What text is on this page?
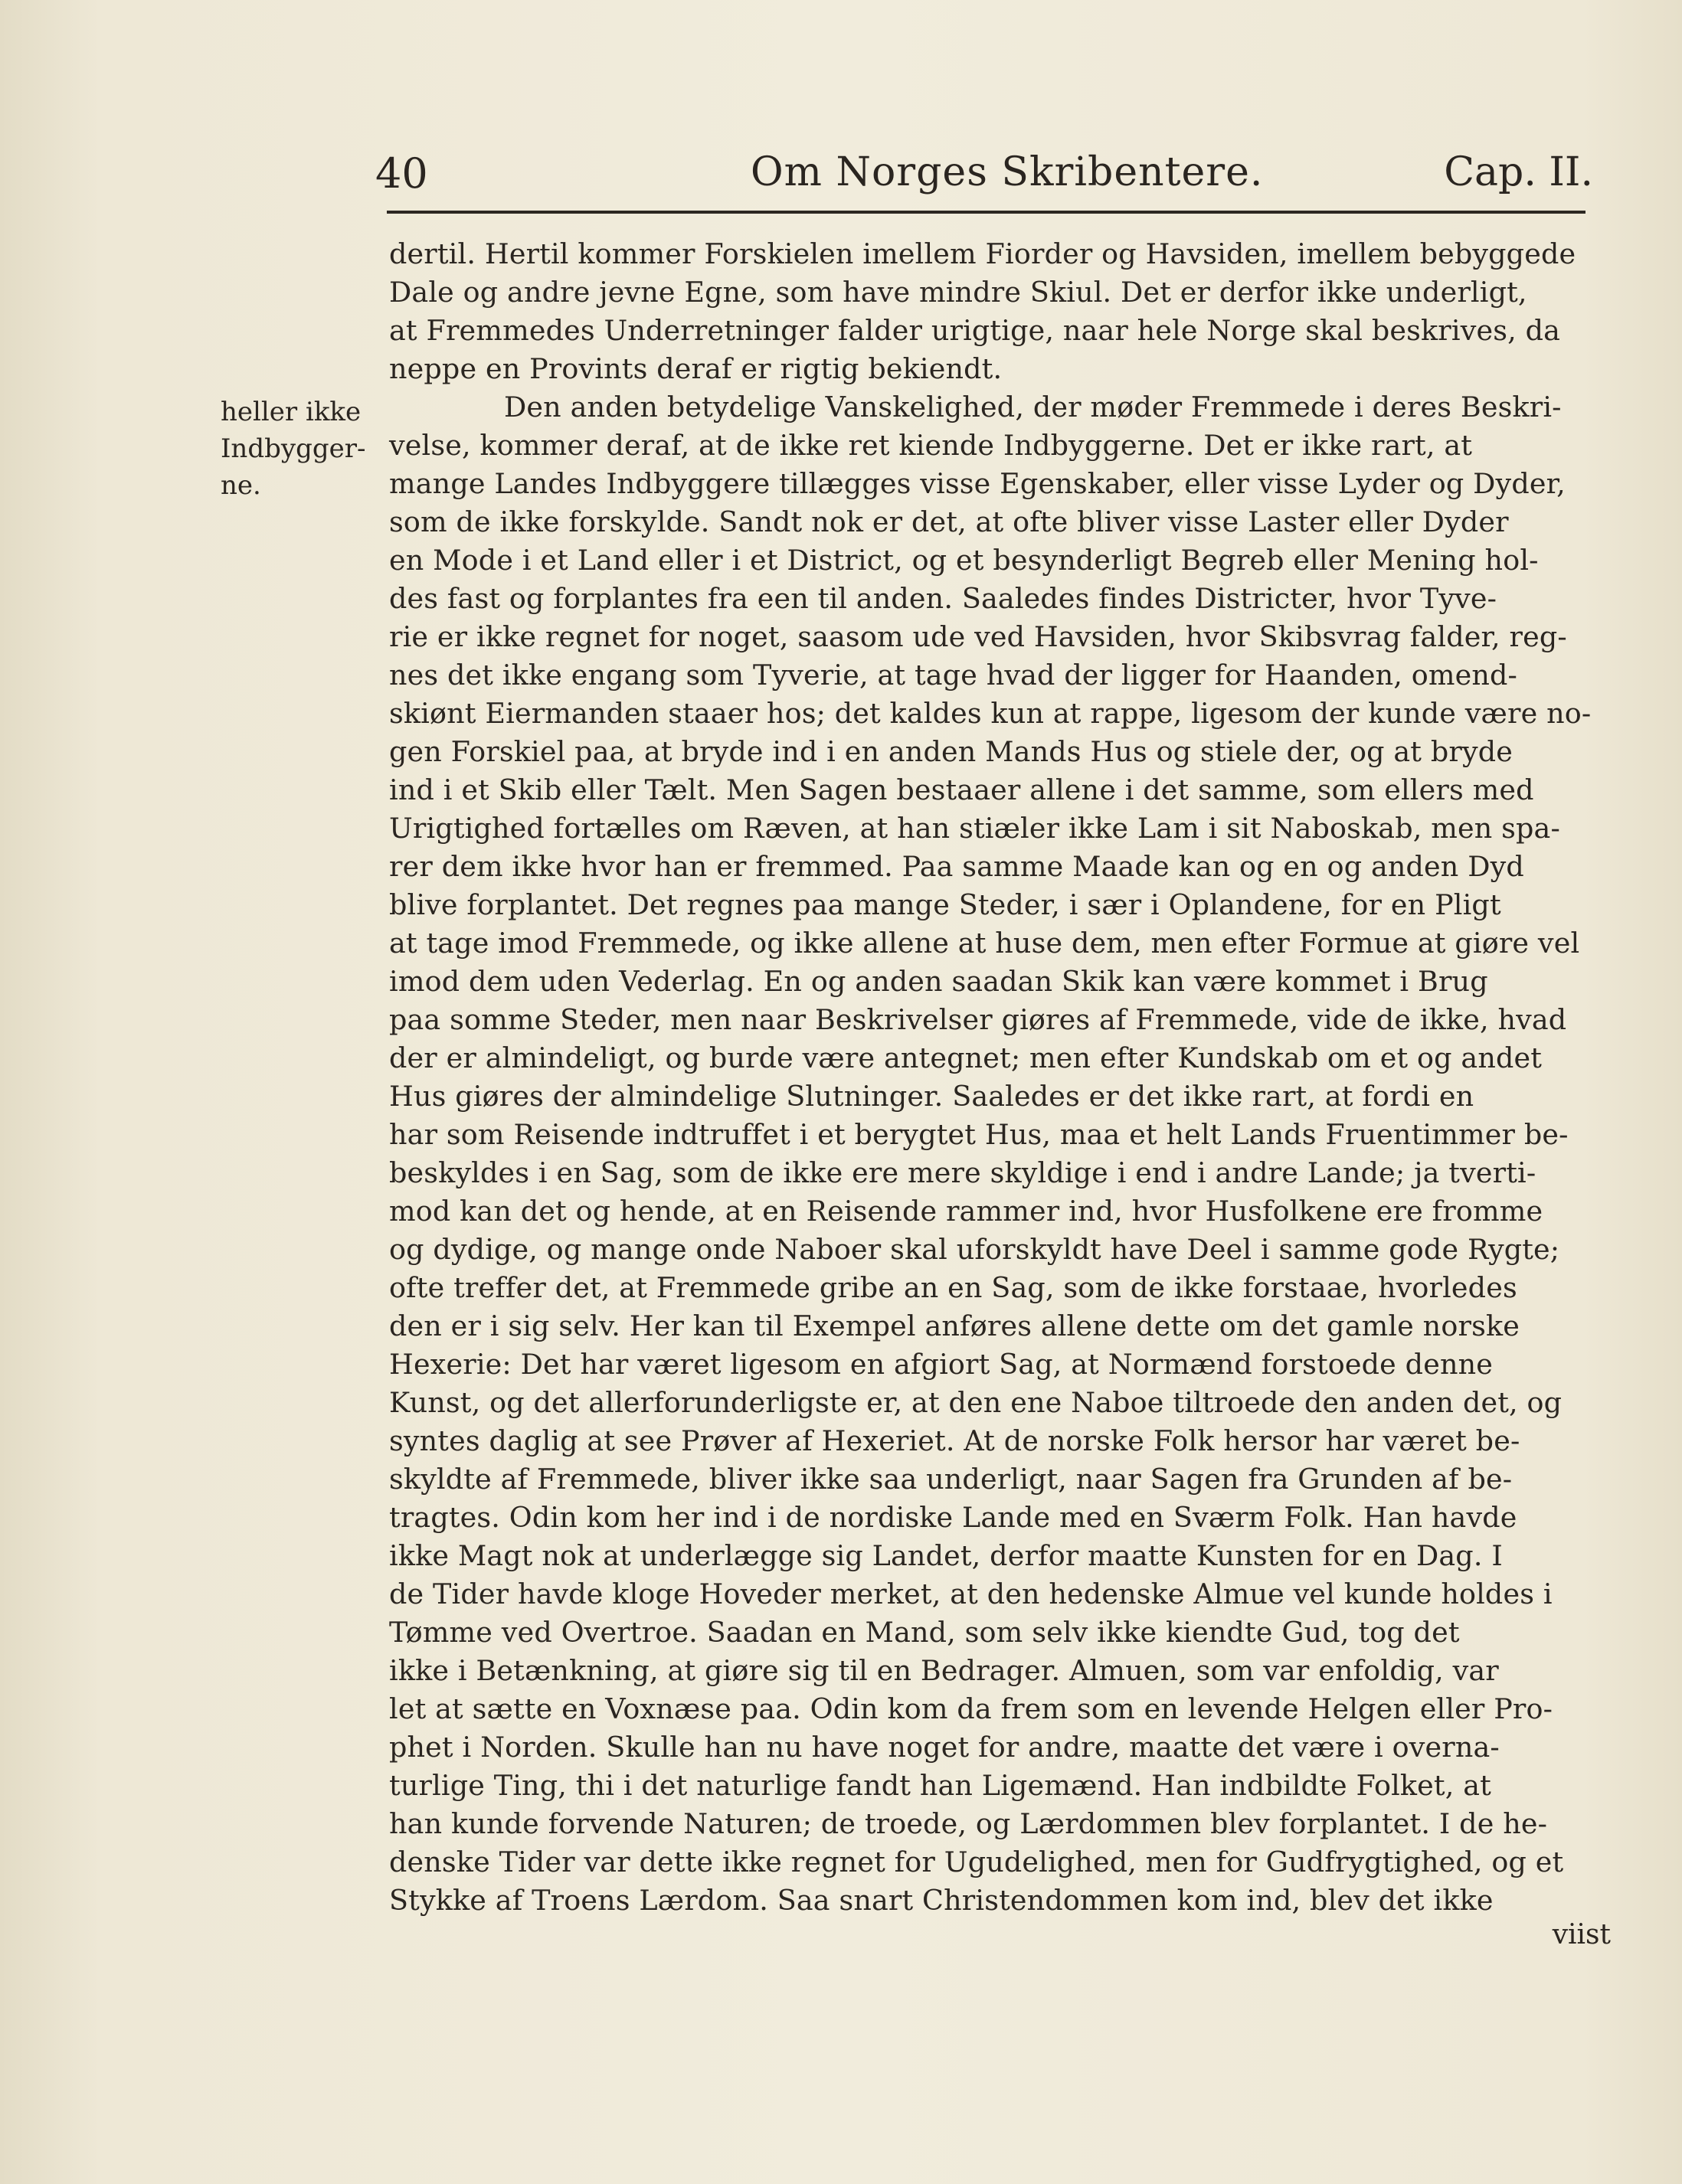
40	Om Norges Skribentere.	Cap. II.
heller ikke
Indbygger-
ne.
dertil. Hertil kommer Forskielen imellem Fiorder og Havsiden, imellem bebyggede
Dale og andre jevne Egne, som have mindre Skiul. Det er derfor ikke underligt,
at Fremmedes Underretninger falder urigtige, naar hele Norge skal beskrives, da
neppe en Provints deraf er rigtig bekiendt.
Den anden betydelige Vanskelighed, der møder Fremmede i deres Beskri-
velse, kommer deraf, at de ikke ret kiende Indbyggerne. Det er ikke rart, at
mange Landes Indbyggere tillægges visse Egenskaber, eller visse Lyder og Dyder,
som de ikke forskylde. Sandt nok er det, at ofte bliver visse Laster eller Dyder
en Mode i et Land eller i et District, og et besynderligt Begreb eller Mening hol-
des fast og forplantes fra een til anden. Saaledes findes Districter, hvor Tyve-
rie er ikke regnet for noget, saasom ude ved Havsiden, hvor Skibsvrag falder, reg-
nes det ikke engang som Tyverie, at tage hvad der ligger for Haanden, omend-
skiønt Eiermanden staaer hos; det kaldes kun at rappe, ligesom der kunde være no-
gen Forskiel paa, at bryde ind i en anden Mands Hus og stiele der, og at bryde
ind i et Skib eller Tælt. Men Sagen bestaaer allene i det samme, som ellers med
Urigtighed fortælles om Ræven, at han stiæler ikke Lam i sit Naboskab, men spa-
rer dem ikke hvor han er fremmed. Paa samme Maade kan og en og anden Dyd
blive forplantet. Det regnes paa mange Steder, i sær i Oplandene, for en Pligt
at tage imod Fremmede, og ikke allene at huse dem, men efter Formue at giøre vel
imod dem uden Vederlag. En og anden saadan Skik kan være kommet i Brug
paa somme Steder, men naar Beskrivelser giøres af Fremmede, vide de ikke, hvad
der er almindeligt, og burde være antegnet; men efter Kundskab om et og andet
Hus giøres der almindelige Slutninger. Saaledes er det ikke rart, at fordi en
har som Reisende indtruffet i et berygtet Hus, maa et helt Lands Fruentimmer be-
beskyldes i en Sag, som de ikke ere mere skyldige i end i andre Lande; ja tverti-
mod kan det og hende, at en Reisende rammer ind, hvor Husfolkene ere fromme
og dydige, og mange onde Naboer skal uforskyldt have Deel i samme gode Rygte;
ofte treffer det, at Fremmede gribe an en Sag, som de ikke forstaae, hvorledes
den er i sig selv. Her kan til Exempel anføres allene dette om det gamle norske
Hexerie: Det har været ligesom en afgiort Sag, at Normænd forstoede denne
Kunst, og det allerforunderligste er, at den ene Naboe tiltroede den anden det, og
syntes daglig at see Prøver af Hexeriet. At de norske Folk hersor har været be-
skyldte af Fremmede, bliver ikke saa underligt, naar Sagen fra Grunden af be-
tragtes. Odin kom her ind i de nordiske Lande med en Sværm Folk. Han havde
ikke Magt nok at underlægge sig Landet, derfor maatte Kunsten for en Dag. I
de Tider havde kloge Hoveder merket, at den hedenske Almue vel kunde holdes i
Tømme ved Overtroe. Saadan en Mand, som selv ikke kiendte Gud, tog det
ikke i Betænkning, at giøre sig til en Bedrager. Almuen, som var enfoldig, var
let at sætte en Voxnæse paa. Odin kom da frem som en levende Helgen eller Pro-
phet i Norden. Skulle han nu have noget for andre, maatte det være i overna-
turlige Ting, thi i det naturlige fandt han Ligemænd. Han indbildte Folket, at
han kunde forvende Naturen; de troede, og Lærdommen blev forplantet. I de he-
denske Tider var dette ikke regnet for Ugudelighed, men for Gudfrygtighed, og et
Stykke af Troens Lærdom. Saa snart Christendommen kom ind, blev det ikke
viist
